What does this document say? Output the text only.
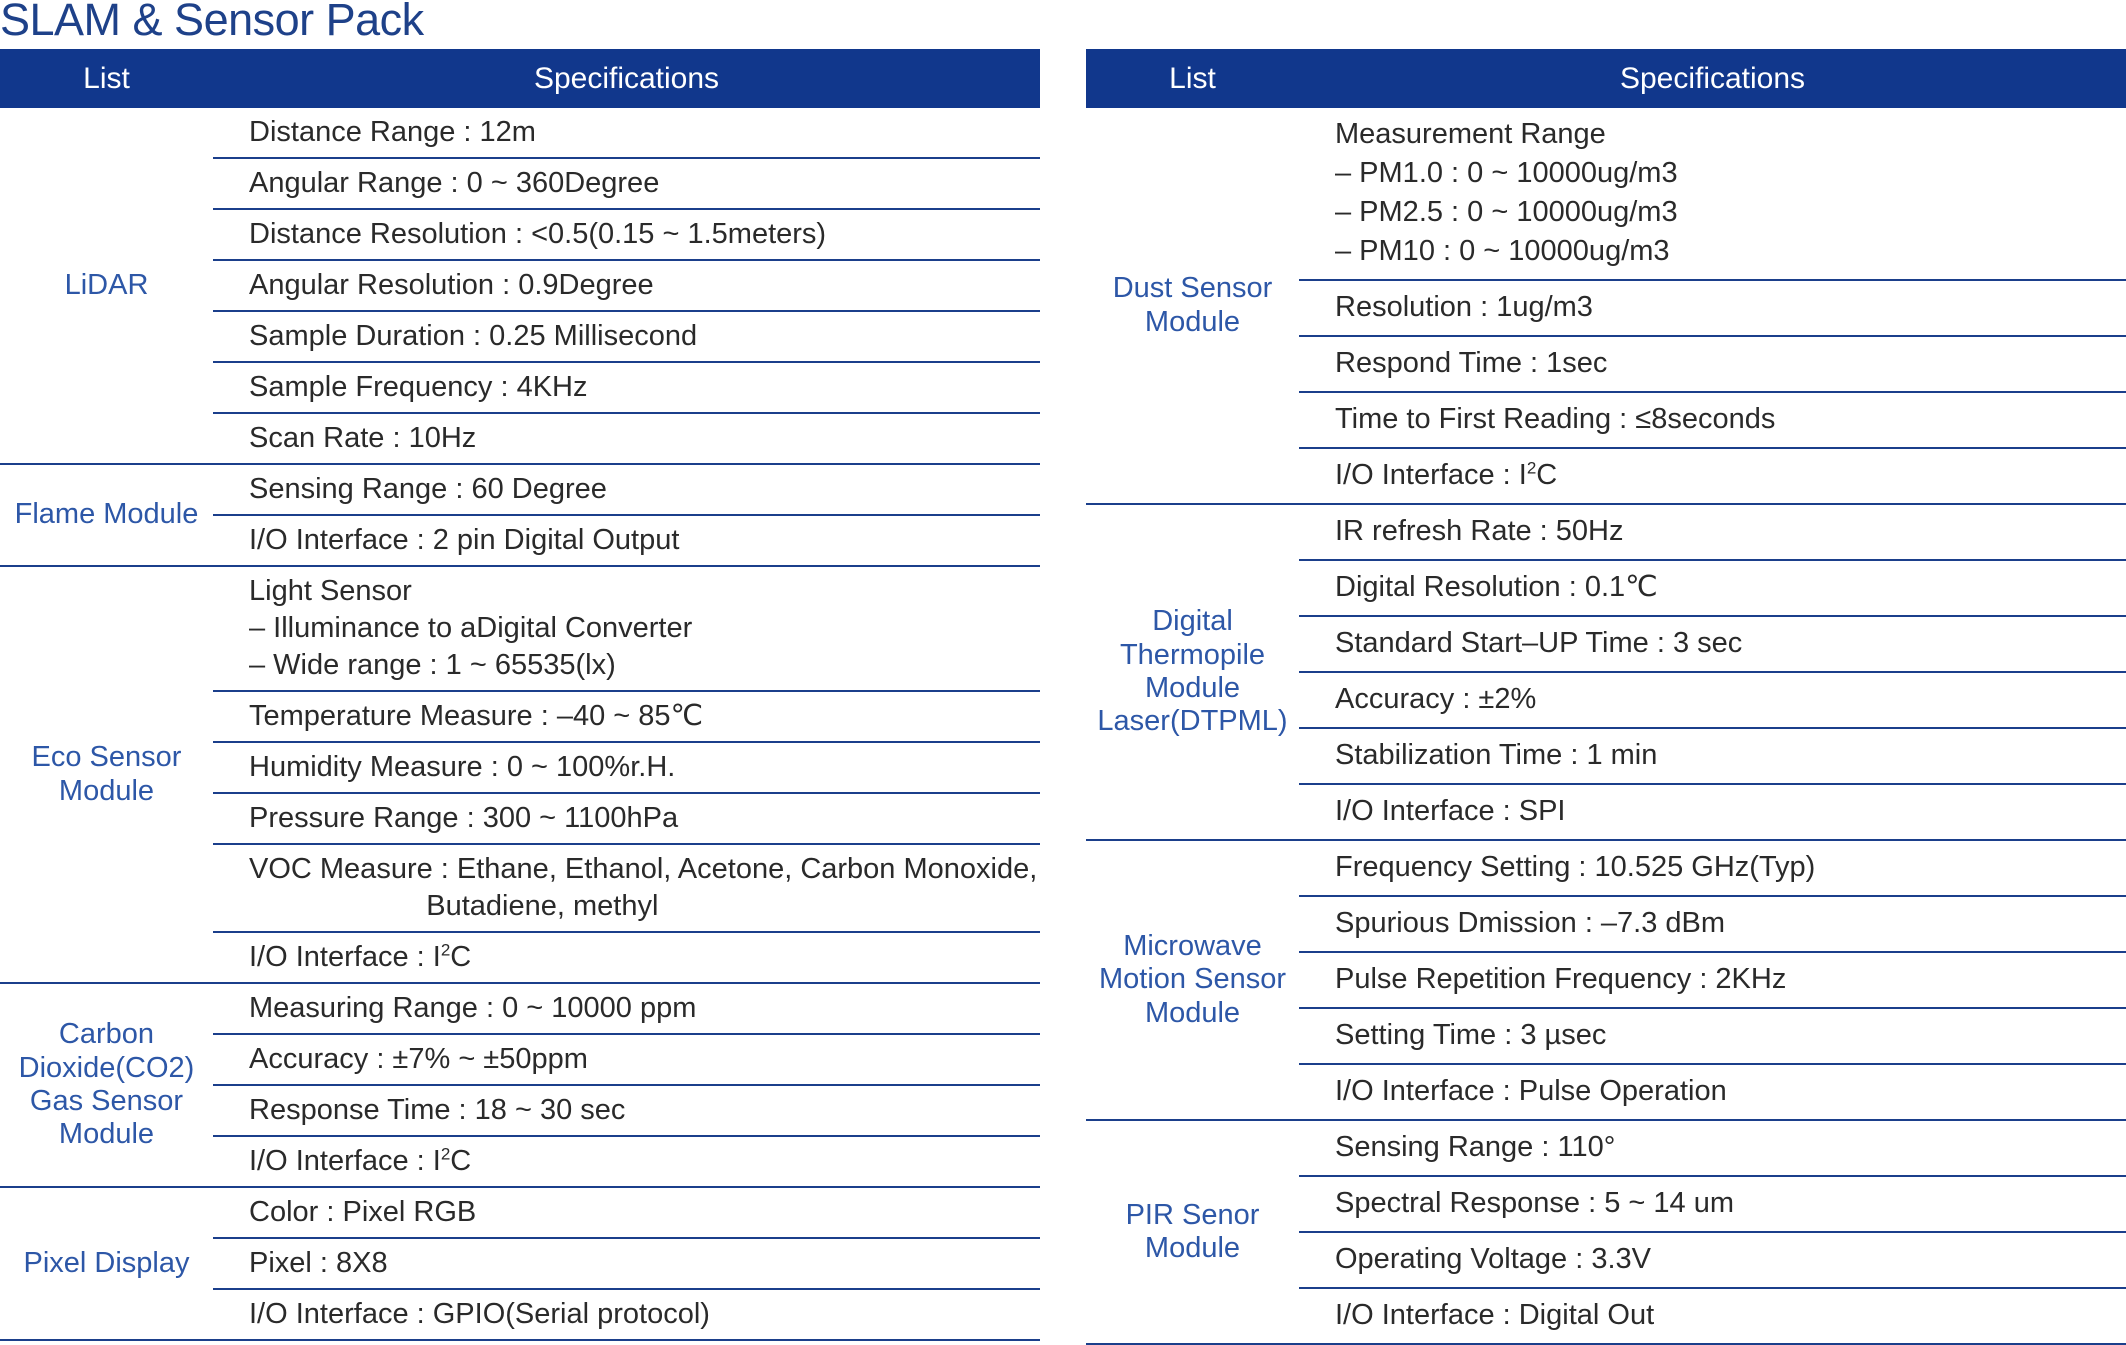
SLAM & Sensor Pack
List	Specifications
LiDAR
Distance Range : 12m
Angular Range : 0 ~ 360Degree
Distance Resolution : <0.5(0.15 ~ 1.5meters)
Angular Resolution : 0.9Degree
Sample Duration : 0.25 Millisecond
Sample Frequency : 4KHz
Scan Rate : 10Hz
Flame Module
Sensing Range : 60 Degree
I/O Interface : 2 pin Digital Output
Eco Sensor
Module
Light Sensor
– Illuminance to aDigital Converter
– Wide range : 1 ~ 65535(lx)
Temperature Measure : –40 ~ 85℃
Humidity Measure : 0 ~ 100%r.H.
Pressure Range : 300 ~ 1100hPa
VOC Measure : Ethane, Ethanol, Acetone, Carbon Monoxide,
Butadiene, methyl
I/O Interface : $I^2C$
Carbon
Dioxide(CO2)
Gas Sensor
Module
Measuring Range : 0 ~ 10000 ppm
Accuracy : ±7% ~ ±50ppm
Response Time : 18 ~ 30 sec
I/O Interface : $I^2C$
Pixel Display
Color : Pixel RGB
Pixel : 8X8
I/O Interface : GPIO(Serial protocol)
List	Specifications
Dust Sensor
Module
Measurement Range
– PM1.0 : 0 ~ 10000ug/m3
– PM2.5 : 0 ~ 10000ug/m3
– PM10 : 0 ~ 10000ug/m3
Resolution : 1ug/m3
Respond Time : 1sec
Time to First Reading : ≤8seconds
I/O Interface : $I^2C$
Digital
Thermopile
Module
Laser(DTPML)
IR refresh Rate : 50Hz
Digital Resolution : 0.1℃
Standard Start–UP Time : 3 sec
Accuracy : ±2%
Stabilization Time : 1 min
I/O Interface : SPI
Microwave
Motion Sensor
Module
Frequency Setting : 10.525 GHz(Typ)
Spurious Dmission : –7.3 dBm
Pulse Repetition Frequency : 2KHz
Setting Time : 3 µsec
I/O Interface : Pulse Operation
PIR Senor
Module
Sensing Range : 110°
Spectral Response : 5 ~ 14 um
Operating Voltage : 3.3V
I/O Interface : Digital Out
